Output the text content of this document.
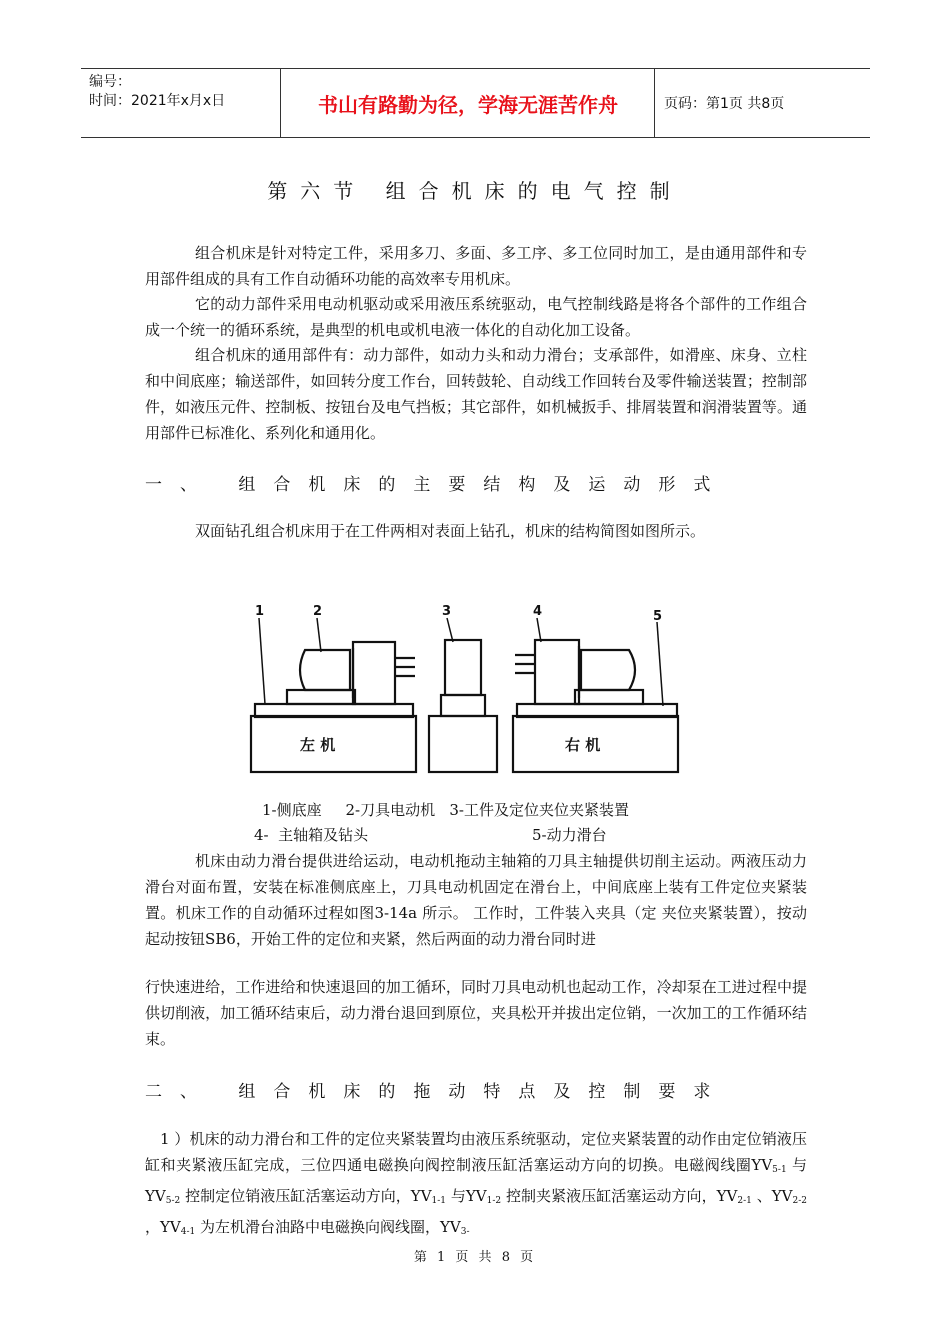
编号：
时间：2021年x月x日	书山有路勤为径，学海无涯苦作舟	页码：第1页 共8页
第六节 组合机床的电气控制
组合机床是针对特定工件，采用多刀、多面、多工序、多工位同时加工，是由通用部件和专用部件组成的具有工作自动循环功能的高效率专用机床。
它的动力部件采用电动机驱动或采用液压系统驱动，电气控制线路是将各个部件的工作组合成一个统一的循环系统，是典型的机电或机电液一体化的自动化加工设备。
组合机床的通用部件有：动力部件，如动力头和动力滑台；支承部件，如滑座、床身、立柱和中间底座；输送部件，如回转分度工作台，回转鼓轮、自动线工作回转台及零件输送装置；控制部件，如液压元件、控制板、按钮台及电气挡板；其它部件，如机械扳手、排屑装置和润滑装置等。通用部件已标准化、系列化和通用化。
一、 组合机床的主要结构及运动形式
双面钻孔组合机床用于在工件两相对表面上钻孔，机床的结构简图如图所示。
1	2	3	4	5
左 机	右 机
1-侧底座     2-刀具电动机   3-工件及定位夹位夹紧装置
4-  主轴箱及钻头	5-动力滑台
机床由动力滑台提供进给运动，电动机拖动主轴箱的刀具主轴提供切削主运动。两液压动力滑台对面布置，安装在标准侧底座上，刀具电动机固定在滑台上，中间底座上装有工件定位夹紧装置。机床工作的自动循环过程如图3-14a 所示。 工作时，工件装入夹具（定 夹位夹紧装置），按动起动按钮SB6，开始工件的定位和夹紧，然后两面的动力滑台同时进
行快速进给，工作进给和快速退回的加工循环，同时刀具电动机也起动工作，冷却泵在工进过程中提供切削液，加工循环结束后，动力滑台退回到原位，夹具松开并拔出定位销，一次加工的工作循环结束。
二、 组合机床的拖动特点及控制要求
1 ）机床的动力滑台和工件的定位夹紧装置均由液压系统驱动，定位夹紧装置的动作由定位销液压缸和夹紧液压缸完成，三位四通电磁换向阀控制液压缸活塞运动方向的切换。电磁阀线圈$YV_{5-1}$ 与$YV_{5-2}$ 控制定位销液压缸活塞运动方向，$YV_{1-1}$ 与$YV_{1-2}$ 控制夹紧液压缸活塞运动方向，$YV_{2-1}$ 、$YV_{2-2}$ ，$YV_{4-1}$ 为左机滑台油路中电磁换向阀线圈，$YV_{3-}$
第 1 页 共 8 页
